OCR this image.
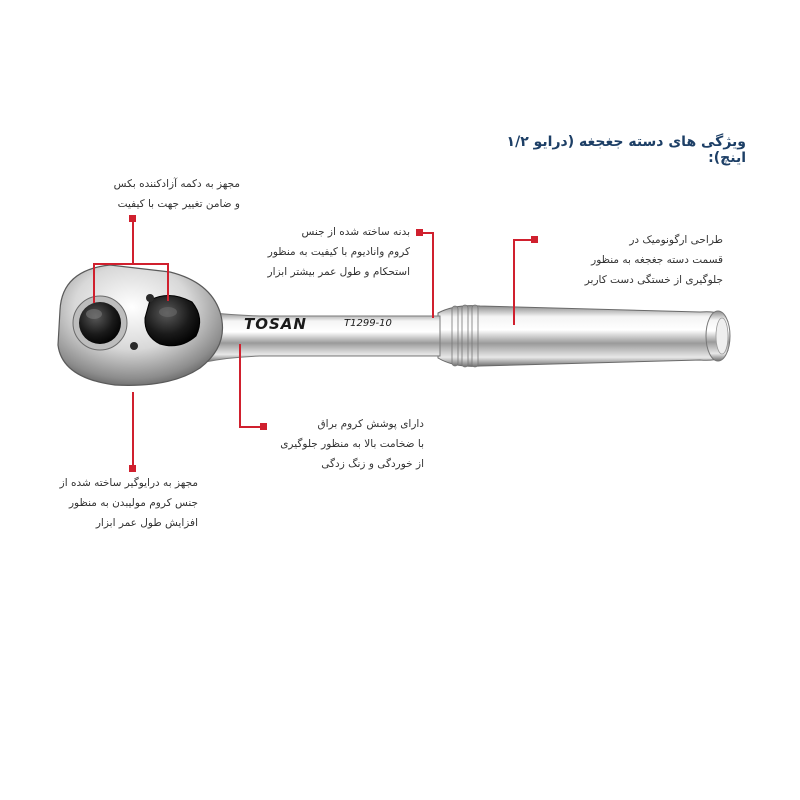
ویژگی های دسته جغجغه (درایو ۱/۲ اینچ):
TOSAN	T1299-10
مجهز به دکمه آزادکننده بکس
و ضامن تغییر جهت با کیفیت
بدنه ساخته شده از جنس
کروم وانادیوم با کیفیت به منظور
استحکام و طول عمر بیشتر ابزار
طراحی ارگونومیک در
قسمت دسته جغجغه به منظور
جلوگیری از خستگی دست کاربر
دارای پوشش کروم براق
با ضخامت بالا به منظور جلوگیری
از خوردگی و زنگ زدگی
مجهز به درایوگیر ساخته شده از
جنس کروم مولیبدن به منظور
افزایش طول عمر ابزار
